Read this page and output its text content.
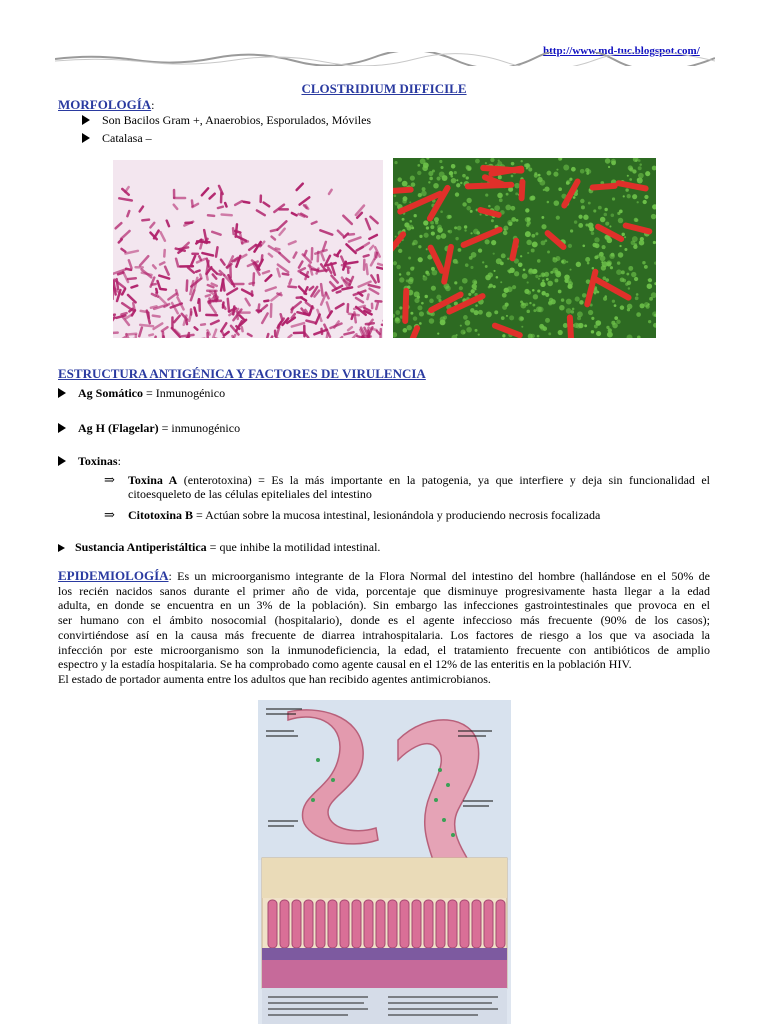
http://www.md-tuc.blogspot.com/
CLOSTRIDIUM DIFFICILE
MORFOLOGÍA:
Son Bacilos Gram +, Anaerobios, Esporulados, Móviles
Catalasa –
ESTRUCTURA ANTIGÉNICA Y FACTORES DE VIRULENCIA
Ag Somático = Inmunogénico
Ag H (Flagelar) = inmunogénico
Toxinas:
⇒ Toxina A (enterotoxina) = Es la más importante en la patogenia, ya que interfiere y deja sin funcionalidad el
citoesqueleto de las células epiteliales del intestino
⇒ Citotoxina B = Actúan sobre la mucosa intestinal, lesionándola y produciendo necrosis focalizada
Sustancia Antiperistáltica = que inhibe la motilidad intestinal.
EPIDEMIOLOGÍA: Es un microorganismo integrante de la Flora Normal del intestino del hombre (hallándose en el 50% de
los recién nacidos sanos durante el primer año de vida, porcentaje que disminuye progresivamente hasta llegar a la edad
adulta, en donde se encuentra en un 3% de la población). Sin embargo las infecciones gastrointestinales que provoca en el
ser humano con el ámbito nosocomial (hospitalario), donde es el agente infeccioso más frecuente (90% de los casos);
convirtiéndose así en la causa más frecuente de diarrea intrahospitalaria. Los factores de riesgo a los que va asociada la
infección por este microorganismo son la inmunodeficiencia, la edad, el tratamiento frecuente con antibióticos de amplio
espectro y la estadía hospitalaria. Se ha comprobado como agente causal en el 12% de las enteritis en la población HIV.
El estado de portador aumenta entre los adultos que han recibido agentes antimicrobianos.
